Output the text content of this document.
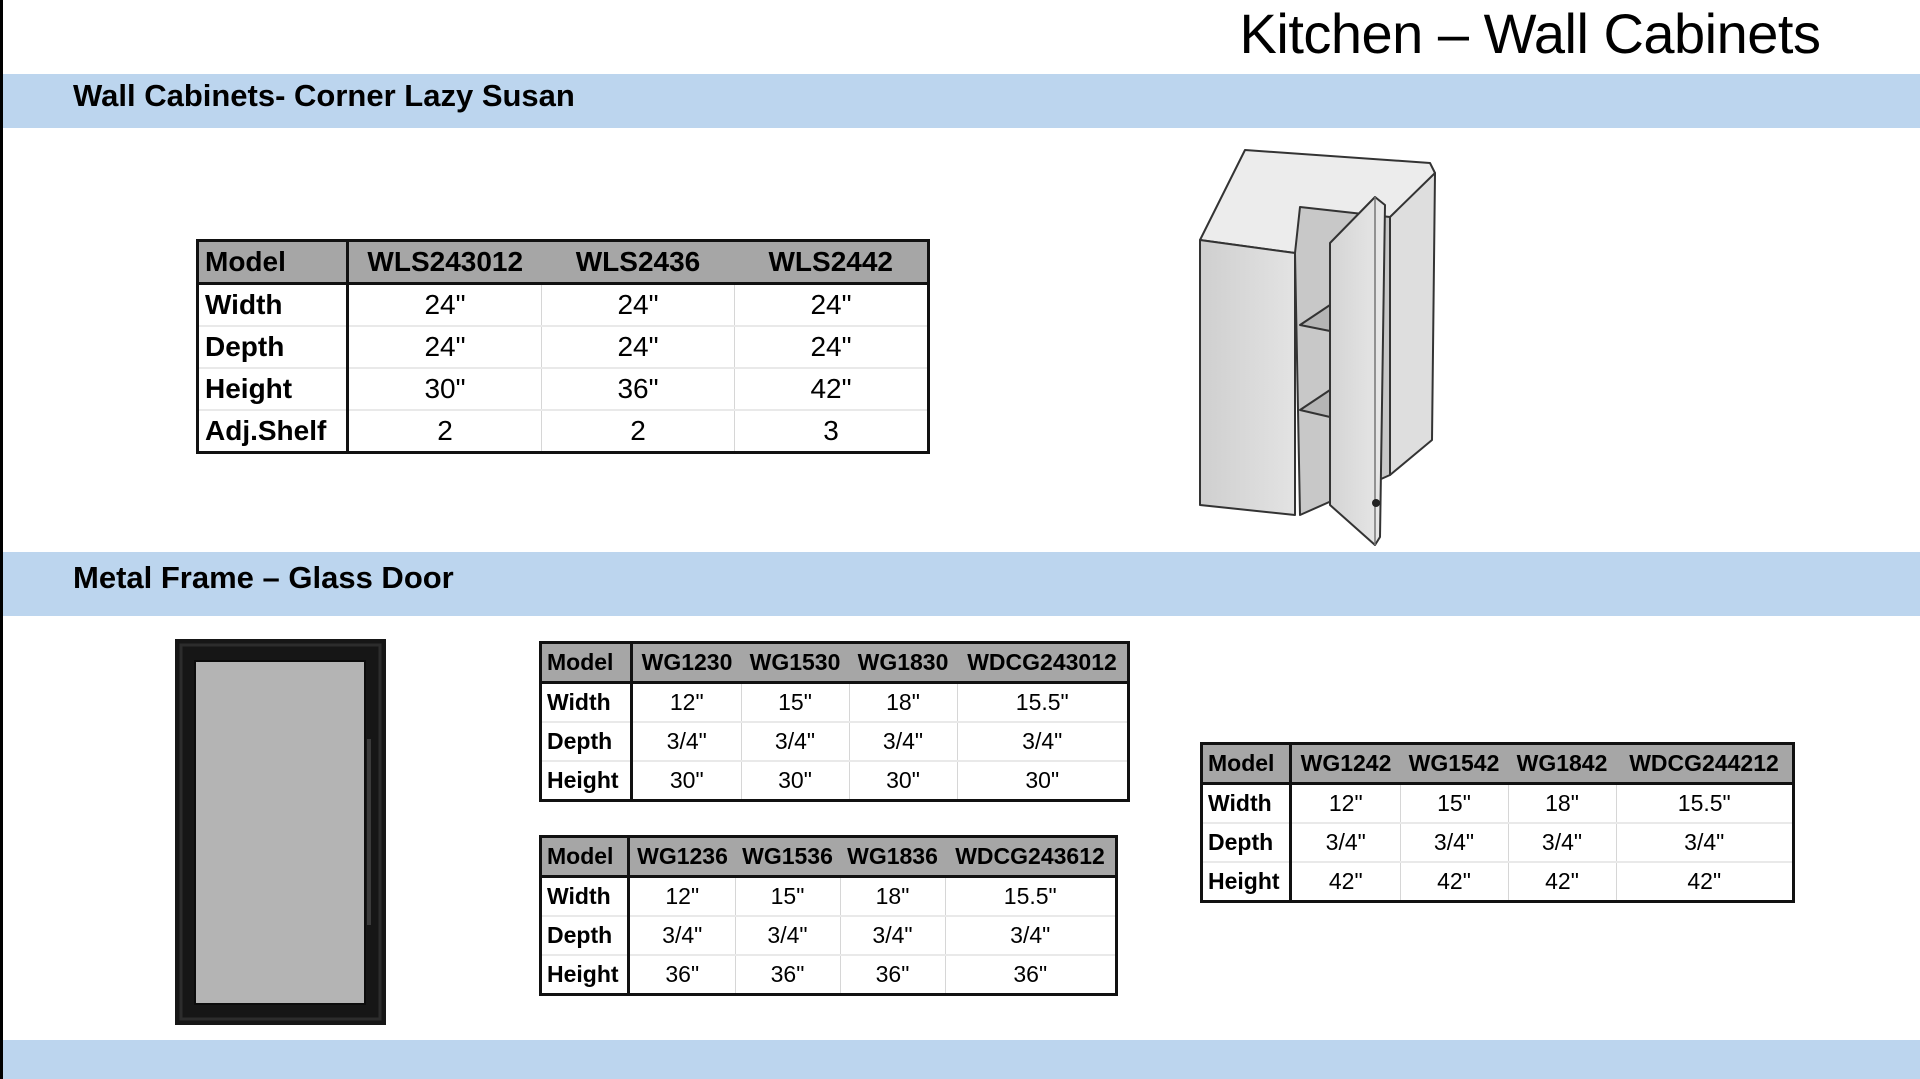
Kitchen – Wall Cabinets
Wall Cabinets- Corner Lazy Susan
Model	WLS243012	WLS2436	WLS2442
Width	24"	24"	24"
Depth	24"	24"	24"
Height	30"	36"	42"
Adj.Shelf	2	2	3
Metal Frame – Glass Door
Model	WG1230	WG1530	WG1830	WDCG243012
Width	12"	15"	18"	15.5"
Depth	3/4"	3/4"	3/4"	3/4"
Height	30"	30"	30"	30"
Model	WG1236	WG1536	WG1836	WDCG243612
Width	12"	15"	18"	15.5"
Depth	3/4"	3/4"	3/4"	3/4"
Height	36"	36"	36"	36"
Model	WG1242	WG1542	WG1842	WDCG244212
Width	12"	15"	18"	15.5"
Depth	3/4"	3/4"	3/4"	3/4"
Height	42"	42"	42"	42"
